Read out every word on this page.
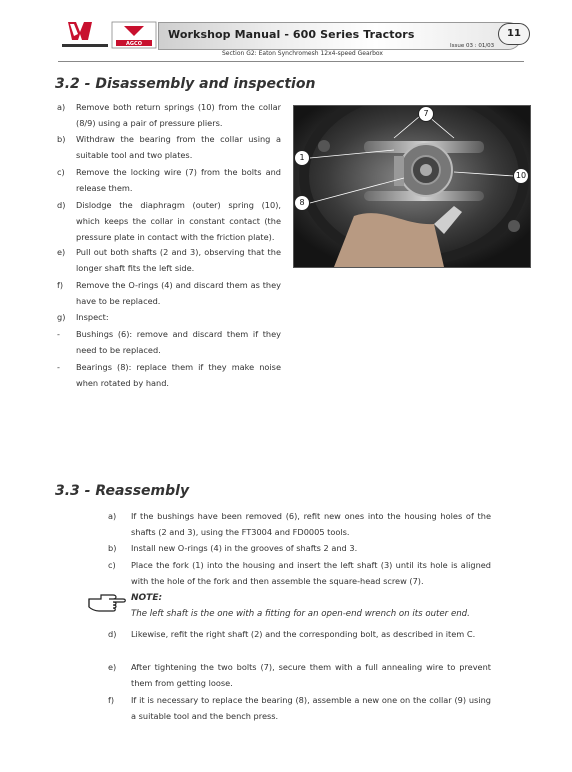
AGCO
Workshop Manual - 600 Series Tractors
Issue 03 : 01/03
11
Section G2: Eaton Synchromesh 12x4-speed Gearbox
3.2 - Disassembly and inspection
a) Remove both return springs (10) from the collar (8/9) using a pair of pressure pliers.
b) Withdraw the bearing from the collar using a suitable tool and two plates.
c) Remove the locking wire (7) from the bolts and release them.
d) Dislodge the diaphragm (outer) spring (10), which keeps the collar in constant contact (the pressure plate in contact with the friction plate).
e) Pull out both shafts (2 and 3), observing that the longer shaft fits the left side.
f) Remove the O-rings (4) and discard them as they have to be replaced.
g) Inspect:
- Bushings (6): remove and discard them if they need to be replaced.
- Bearings (8): replace them if they make noise when rotated by hand.
7
1
10
8
3.3 - Reassembly
a) If the bushings have been removed (6), refit new ones into the housing holes of the shafts (2 and 3), using the FT3004 and FD0005 tools.
b) Install new O-rings (4) in the grooves of shafts 2 and 3.
c) Place the fork (1) into the housing and insert the left shaft (3) until its hole is aligned with the hole of the fork and then assemble the square-head screw (7).
NOTE:
The left shaft is the one with a fitting for an open-end wrench on its outer end.
d) Likewise, refit the right shaft (2) and the corresponding bolt, as described in item C.
e) After tightening the two bolts (7), secure them with a full annealing wire to prevent them from getting loose.
f) If it is necessary to replace the bearing (8), assemble a new one on the collar (9) using a suitable tool and the bench press.
